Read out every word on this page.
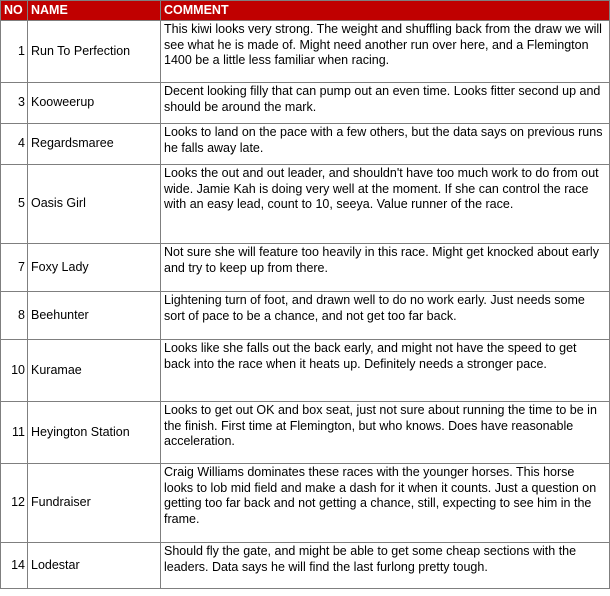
NO	NAME	COMMENT
1	Run To Perfection	This kiwi looks very strong. The weight and shuffling back from the draw we will see what he is made of. Might need another run over here, and a Flemington 1400 be a little less familiar when racing.
3	Kooweerup	Decent looking filly that can pump out an even time. Looks fitter second up and should be around the mark.
4	Regardsmaree	Looks to land on the pace with a few others, but the data says on previous runs he falls away late.
5	Oasis Girl	Looks the out and out leader, and shouldn't have too much work to do from out wide. Jamie Kah is doing very well at the moment. If she can control the race with an easy lead, count to 10, seeya. Value runner of the race.
7	Foxy Lady	Not sure she will feature too heavily in this race. Might get knocked about early and try to keep up from there.
8	Beehunter	Lightening turn of foot, and drawn well to do no work early. Just needs some sort of pace to be a chance, and not get too far back.
10	Kuramae	Looks like she falls out the back early, and might not have the speed to get back into the race when it heats up. Definitely needs a stronger pace.
11	Heyington Station	Looks to get out OK and box seat, just not sure about running the time to be in the finish. First time at Flemington, but who knows. Does have reasonable acceleration.
12	Fundraiser	Craig Williams dominates these races with the younger horses. This horse looks to lob mid field and make a dash for it when it counts. Just a question on getting too far back and not getting a chance, still, expecting to see him in the frame.
14	Lodestar	Should fly the gate, and might be able to get some cheap sections with the leaders. Data says he will find the last furlong pretty tough.
